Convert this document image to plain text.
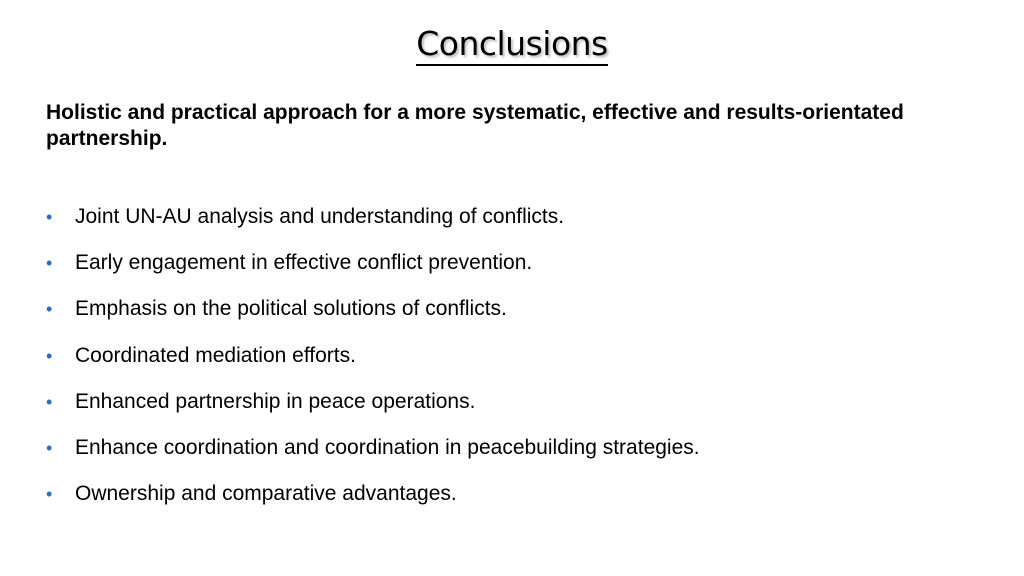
Conclusions

Holistic and practical approach for a more systematic, effective and results-orientated partnership.

•	Joint UN-AU analysis and understanding of conflicts.
•	Early engagement in effective conflict prevention.
•	Emphasis on the political solutions of conflicts.
•	Coordinated mediation efforts.
•	Enhanced partnership in peace operations.
•	Enhance coordination and coordination in peacebuilding strategies.
•	Ownership and comparative advantages.
